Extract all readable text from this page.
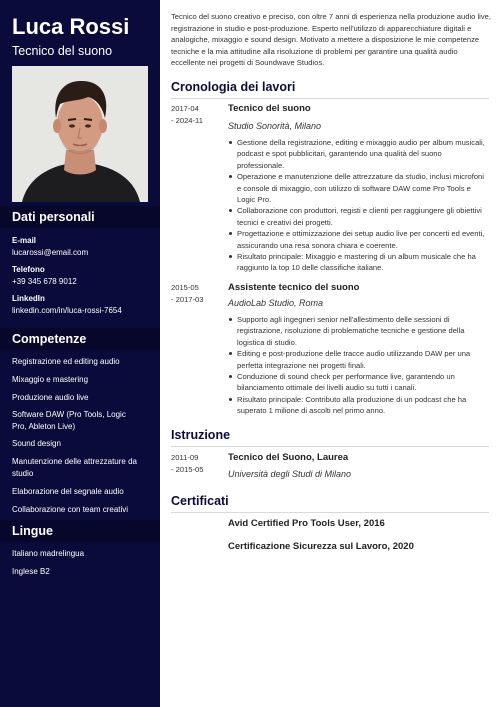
Luca Rossi
Tecnico del suono
Dati personali
E-mail
lucarossi@email.com
Telefono
+39 345 678 9012
LinkedIn
linkedin.com/in/luca-rossi-7654
Competenze
Registrazione ed editing audio
Mixaggio e mastering
Produzione audio live
Software DAW (Pro Tools, Logic Pro, Ableton Live)
Sound design
Manutenzione delle attrezzature da studio
Elaborazione del segnale audio
Collaborazione con team creativi
Lingue
Italiano madrelingua
Inglese B2
Tecnico del suono creativo e preciso, con oltre 7 anni di esperienza nella produzione audio live, registrazione in studio e post-produzione. Esperto nell'utilizzo di apparecchiature digitali e analogiche, mixaggio e sound design. Motivato a mettere a disposizione le mie competenze tecniche e la mia attitudine alla risoluzione di problemi per garantire una qualità audio eccellente nei progetti di Soundwave Studios.
Cronologia dei lavori
2017-04
- 2024-11
Tecnico del suono
Studio Sonorità, Milano
Gestione della registrazione, editing e mixaggio audio per album musicali, podcast e spot pubblicitari, garantendo una qualità del suono professionale.
Operazione e manutenzione delle attrezzature da studio, inclusi microfoni e console di mixaggio, con utilizzo di software DAW come Pro Tools e Logic Pro.
Collaborazione con produttori, registi e clienti per raggiungere gli obiettivi tecnici e creativi dei progetti.
Progettazione e ottimizzazione dei setup audio live per concerti ed eventi, assicurando una resa sonora chiara e coerente.
Risultato principale: Mixaggio e mastering di un album musicale che ha raggiunto la top 10 delle classifiche italiane.
2015-05
- 2017-03
Assistente tecnico del suono
AudioLab Studio, Roma
Supporto agli ingegneri senior nell'allestimento delle sessioni di registrazione, risoluzione di problematiche tecniche e gestione della logistica di studio.
Editing e post-produzione delle tracce audio utilizzando DAW per una perfetta integrazione nei progetti finali.
Conduzione di sound check per performance live, garantendo un bilanciamento ottimale dei livelli audio su tutti i canali.
Risultato principale: Contributo alla produzione di un podcast che ha superato 1 milione di ascolti nel primo anno.
Istruzione
2011-09
- 2015-05
Tecnico del Suono, Laurea
Università degli Studi di Milano
Certificati
Avid Certified Pro Tools User, 2016
Certificazione Sicurezza sul Lavoro, 2020
